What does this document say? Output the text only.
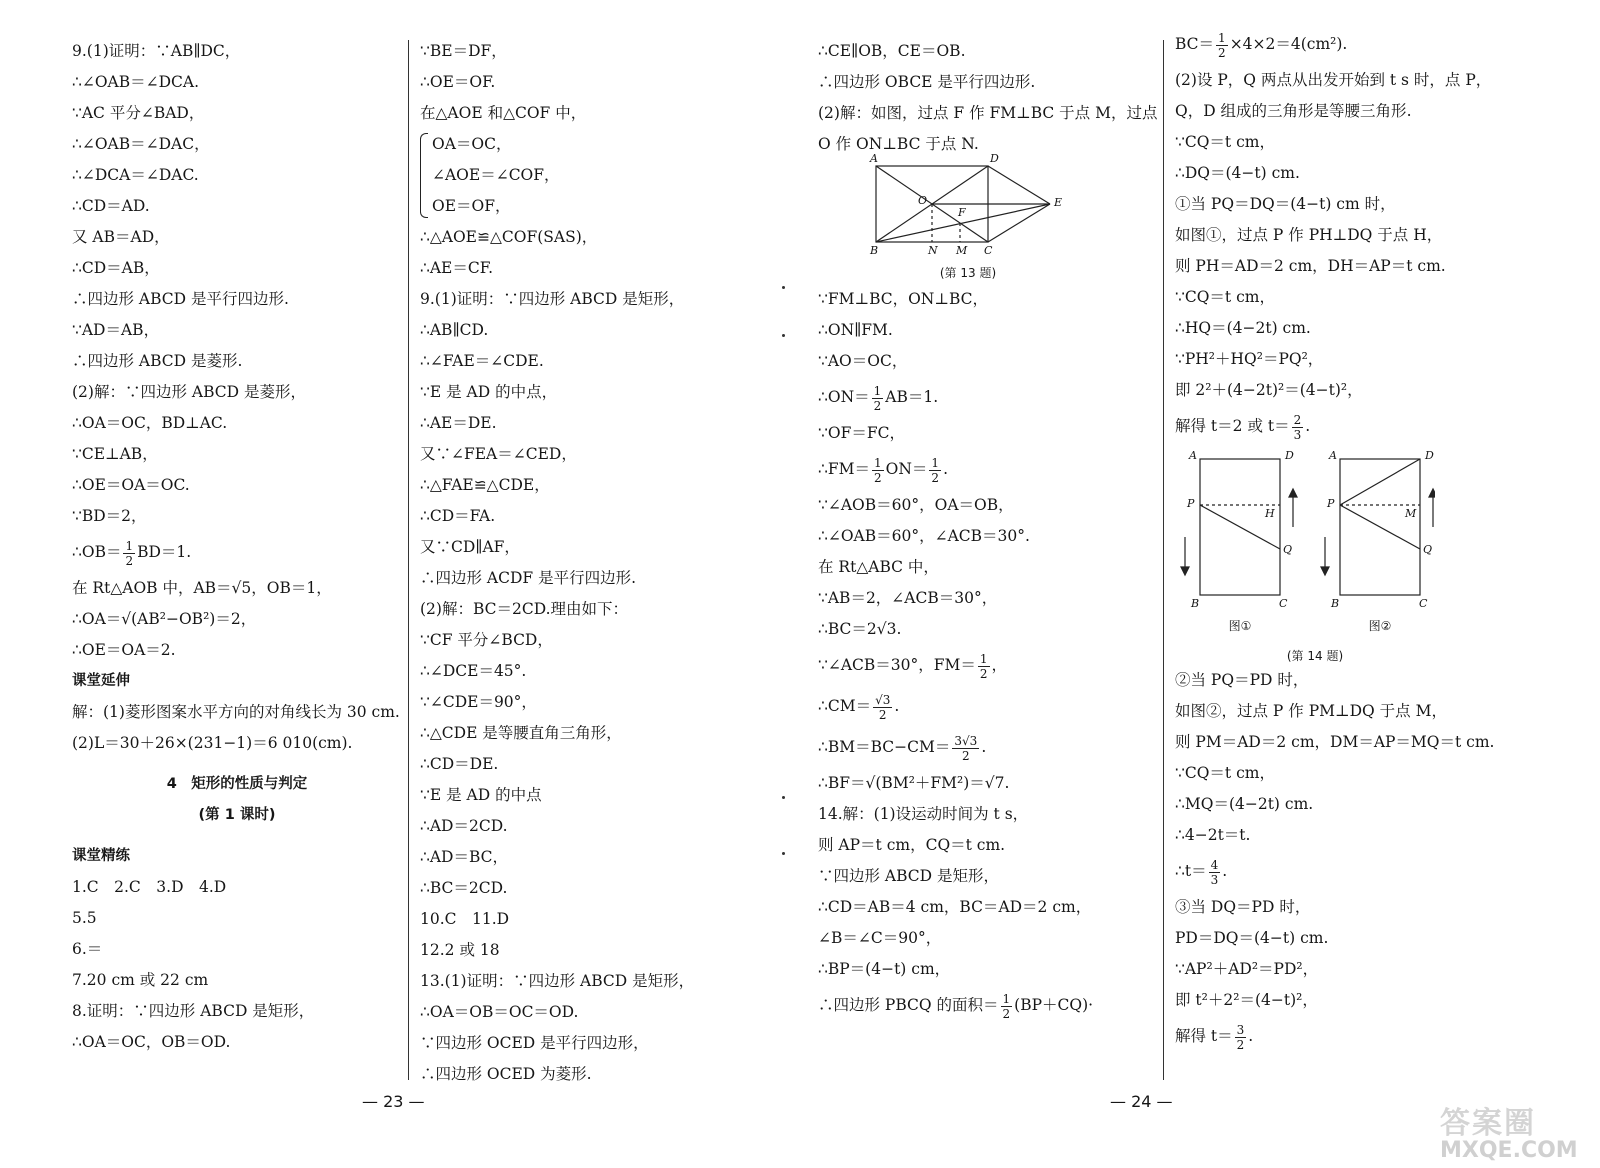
9.(1)证明：∵AB∥DC，
∴∠OAB＝∠DCA.
∵AC 平分∠BAD，
∴∠OAB＝∠DAC，
∴∠DCA＝∠DAC.
∴CD＝AD.
又 AB＝AD，
∴CD＝AB，
∴四边形 ABCD 是平行四边形.
∵AD＝AB，
∴四边形 ABCD 是菱形.
(2)解：∵四边形 ABCD 是菱形，
∴OA＝OC，BD⊥AC.
∵CE⊥AB，
∴OE＝OA＝OC.
∵BD＝2，
∴OB＝ $\frac{1}{2} BD=1$.
在 Rt△AOB 中，AB＝√5，OB＝1，
∴OA＝√(AB²−OB²)＝2，
∴OE＝OA＝2.
课堂延伸
解：(1)菱形图案水平方向的对角线长为 30 cm.
(2)L＝30＋26×(231−1)＝6 010(cm).
4　矩形的性质与判定
(第 1 课时)
课堂精练
1.C　2.C　3.D　4.D
5.5
6.＝
7.20 cm 或 22 cm
8.证明：∵四边形 ABCD 是矩形，
∴OA＝OC，OB＝OD.
∵BE＝DF，
∴OE＝OF.
在△AOE 和△COF 中，
OA＝OC，
∠AOE＝∠COF，
OE＝OF，
∴△AOE≌△COF(SAS)，
∴AE＝CF.
9.(1)证明：∵四边形 ABCD 是矩形，
∴AB∥CD.
∴∠FAE＝∠CDE.
∵E 是 AD 的中点，
∴AE＝DE.
又∵∠FEA＝∠CED，
∴△FAE≌△CDE，
∴CD＝FA.
又∵CD∥AF，
∴四边形 ACDF 是平行四边形.
(2)解：BC＝2CD.理由如下：
∵CF 平分∠BCD，
∴∠DCE＝45°.
∵∠CDE＝90°，
∴△CDE 是等腰直角三角形，
∴CD＝DE.
∵E 是 AD 的中点
∴AD＝2CD.
∴AD＝BC，
∴BC＝2CD.
10.C　11.D
12.2 或 18
13.(1)证明：∵四边形 ABCD 是矩形，
∴OA＝OB＝OC＝OD.
∵四边形 OCED 是平行四边形，
∴四边形 OCED 为菱形.
∴CE∥OB，CE＝OB.
∴四边形 OBCE 是平行四边形.
(2)解：如图，过点 F 作 FM⊥BC 于点 M，过点
O 作 ON⊥BC 于点 N.
A	D
E
O
F
B	N M C
(第 13 题)
∵FM⊥BC，ON⊥BC，
∴ON∥FM.
∵AO＝OC，
∴ON＝ $\frac{1}{2} AB=1$.
∵OF＝FC，
∴FM＝ $\frac{1}{2} ON= \frac{1}{2}$ .
∵∠AOB＝60°，OA＝OB，
∴∠OAB＝60°，∠ACB＝30°.
在 Rt△ABC 中，
∵AB＝2，∠ACB＝30°，
∴BC＝2√3.
∵∠ACB＝30°，$FM= \frac{1}{2}$ ，
∴CM＝ $\frac{√3}{2}$ .
∴BM＝BC−CM＝ $\frac{3√3}{2}$ .
∴BF＝√(BM²＋FM²)＝√7.
14.解：(1)设运动时间为 t s，
则 AP＝t cm，CQ＝t cm.
∵四边形 ABCD 是矩形，
∴CD＝AB＝4 cm，BC＝AD＝2 cm，
∠B＝∠C＝90°，
∴BP＝(4−t) cm，
∴四边形 PBCQ 的面积＝ $\frac{1}{2} (BP+CQ)\cdot$
$BC= \frac{1}{2} \times 4\times 2=4(cm^2)$.
(2)设 P，Q 两点从出发开始到 t s 时，点 P，
Q，D 组成的三角形是等腰三角形.
∵CQ＝t cm，
∴DQ＝(4−t) cm.
①当 PQ＝DQ＝(4−t) cm 时，
如图①，过点 P 作 PH⊥DQ 于点 H，
则 PH＝AD＝2 cm，DH＝AP＝t cm.
∵CQ＝t cm，
∴HQ＝(4−2t) cm.
∵PH²＋HQ²＝PQ²，
即 2²＋(4−2t)²＝(4−t)²，
解得 t＝2 或 $t= \frac{2}{3}$ .
A	D
P
H
Q
B	C
A	D
P
M
Q
B	C
图①	图②
(第 14 题)
②当 PQ＝PD 时，
如图②，过点 P 作 PM⊥DQ 于点 M，
则 PM＝AD＝2 cm，DM＝AP＝MQ＝t cm.
∵CQ＝t cm，
∴MQ＝(4−2t) cm.
∴4−2t＝t.
∴t＝ $\frac{4}{3}$ .
③当 DQ＝PD 时，
PD＝DQ＝(4−t) cm.
∵AP²＋AD²＝PD²，
即 t²＋2²＝(4−t)²，
解得 $t= \frac{3}{2}$ .
— 23 —	— 24 —
答案圈
MXQE.COM
